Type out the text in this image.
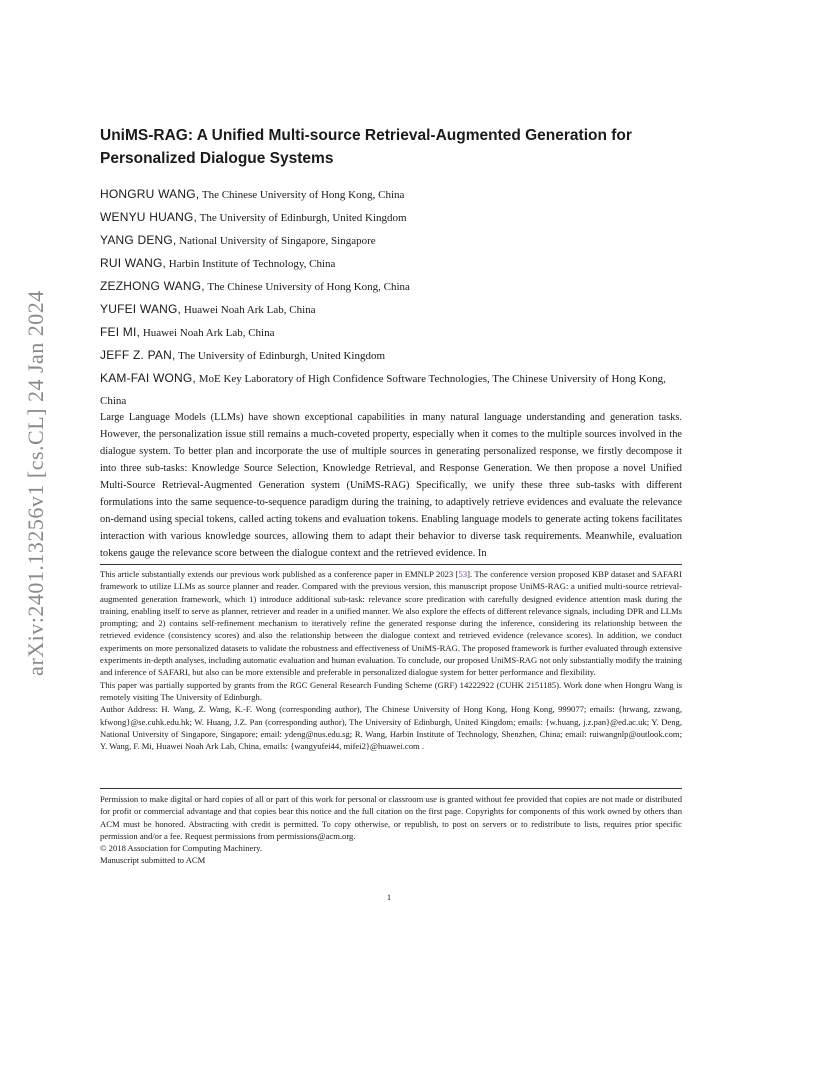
arXiv:2401.13256v1 [cs.CL] 24 Jan 2024
UniMS-RAG: A Unified Multi-source Retrieval-Augmented Generation for Personalized Dialogue Systems
HONGRU WANG, The Chinese University of Hong Kong, China
WENYU HUANG, The University of Edinburgh, United Kingdom
YANG DENG, National University of Singapore, Singapore
RUI WANG, Harbin Institute of Technology, China
ZEZHONG WANG, The Chinese University of Hong Kong, China
YUFEI WANG, Huawei Noah Ark Lab, China
FEI MI, Huawei Noah Ark Lab, China
JEFF Z. PAN, The University of Edinburgh, United Kingdom
KAM-FAI WONG, MoE Key Laboratory of High Confidence Software Technologies, The Chinese University of Hong Kong, China

Large Language Models (LLMs) have shown exceptional capabilities in many natural language understanding and generation tasks. However, the personalization issue still remains a much-coveted property, especially when it comes to the multiple sources involved in the dialogue system. To better plan and incorporate the use of multiple sources in generating personalized response, we firstly decompose it into three sub-tasks: Knowledge Source Selection, Knowledge Retrieval, and Response Generation. We then propose a novel Unified Multi-Source Retrieval-Augmented Generation system (UniMS-RAG) Specifically, we unify these three sub-tasks with different formulations into the same sequence-to-sequence paradigm during the training, to adaptively retrieve evidences and evaluate the relevance on-demand using special tokens, called acting tokens and evaluation tokens. Enabling language models to generate acting tokens facilitates interaction with various knowledge sources, allowing them to adapt their behavior to diverse task requirements. Meanwhile, evaluation tokens gauge the relevance score between the dialogue context and the retrieved evidence. In

This article substantially extends our previous work published as a conference paper in EMNLP 2023 [53]. The conference version proposed KBP dataset and SAFARI framework to utilize LLMs as source planner and reader. Compared with the previous version, this manuscript propose UniMS-RAG: a unified multi-source retrieval-augmented generation framework, which 1) introduce additional sub-task: relevance score predication with carefully designed evidence attention mask during the training, enabling itself to serve as planner, retriever and reader in a unified manner. We also explore the effects of different relevance signals, including DPR and LLMs prompting; and 2) contains self-refinement mechanism to iteratively refine the generated response during the inference, considering its relationship between the retrieved evidence (consistency scores) and also the relationship between the dialogue context and retrieved evidence (relevance scores). In addition, we conduct experiments on more personalized datasets to validate the robustness and effectiveness of UniMS-RAG. The proposed framework is further evaluated through extensive experiments in-depth analyses, including automatic evaluation and human evaluation. To conclude, our proposed UniMS-RAG not only substantially modify the training and inference of SAFARI, but also can be more extensible and preferable in personalized dialogue system for better performance and flexibility.

This paper was partially supported by grants from the RGC General Research Funding Scheme (GRF) 14222922 (CUHK 2151185). Work done when Hongru Wang is remotely visiting The University of Edinburgh.

Author Address: H. Wang, Z. Wang, K.-F. Wong (corresponding author), The Chinese University of Hong Kong, Hong Kong, 999077; emails: {hrwang, zzwang, kfwong}@se.cuhk.edu.hk; W. Huang, J.Z. Pan (corresponding author), The University of Edinburgh, United Kingdom; emails: {w.huang, j.z.pan}@ed.ac.uk; Y. Deng, National University of Singapore, Singapore; email: ydeng@nus.edu.sg; R. Wang, Harbin Institute of Technology, Shenzhen, China; email: ruiwangnlp@outlook.com; Y. Wang, F. Mi, Huawei Noah Ark Lab, China, emails: {wangyufei44, mifei2}@huawei.com .

Permission to make digital or hard copies of all or part of this work for personal or classroom use is granted without fee provided that copies are not made or distributed for profit or commercial advantage and that copies bear this notice and the full citation on the first page. Copyrights for components of this work owned by others than ACM must be honored. Abstracting with credit is permitted. To copy otherwise, or republish, to post on servers or to redistribute to lists, requires prior specific permission and/or a fee. Request permissions from permissions@acm.org.

© 2018 Association for Computing Machinery.

Manuscript submitted to ACM

1
